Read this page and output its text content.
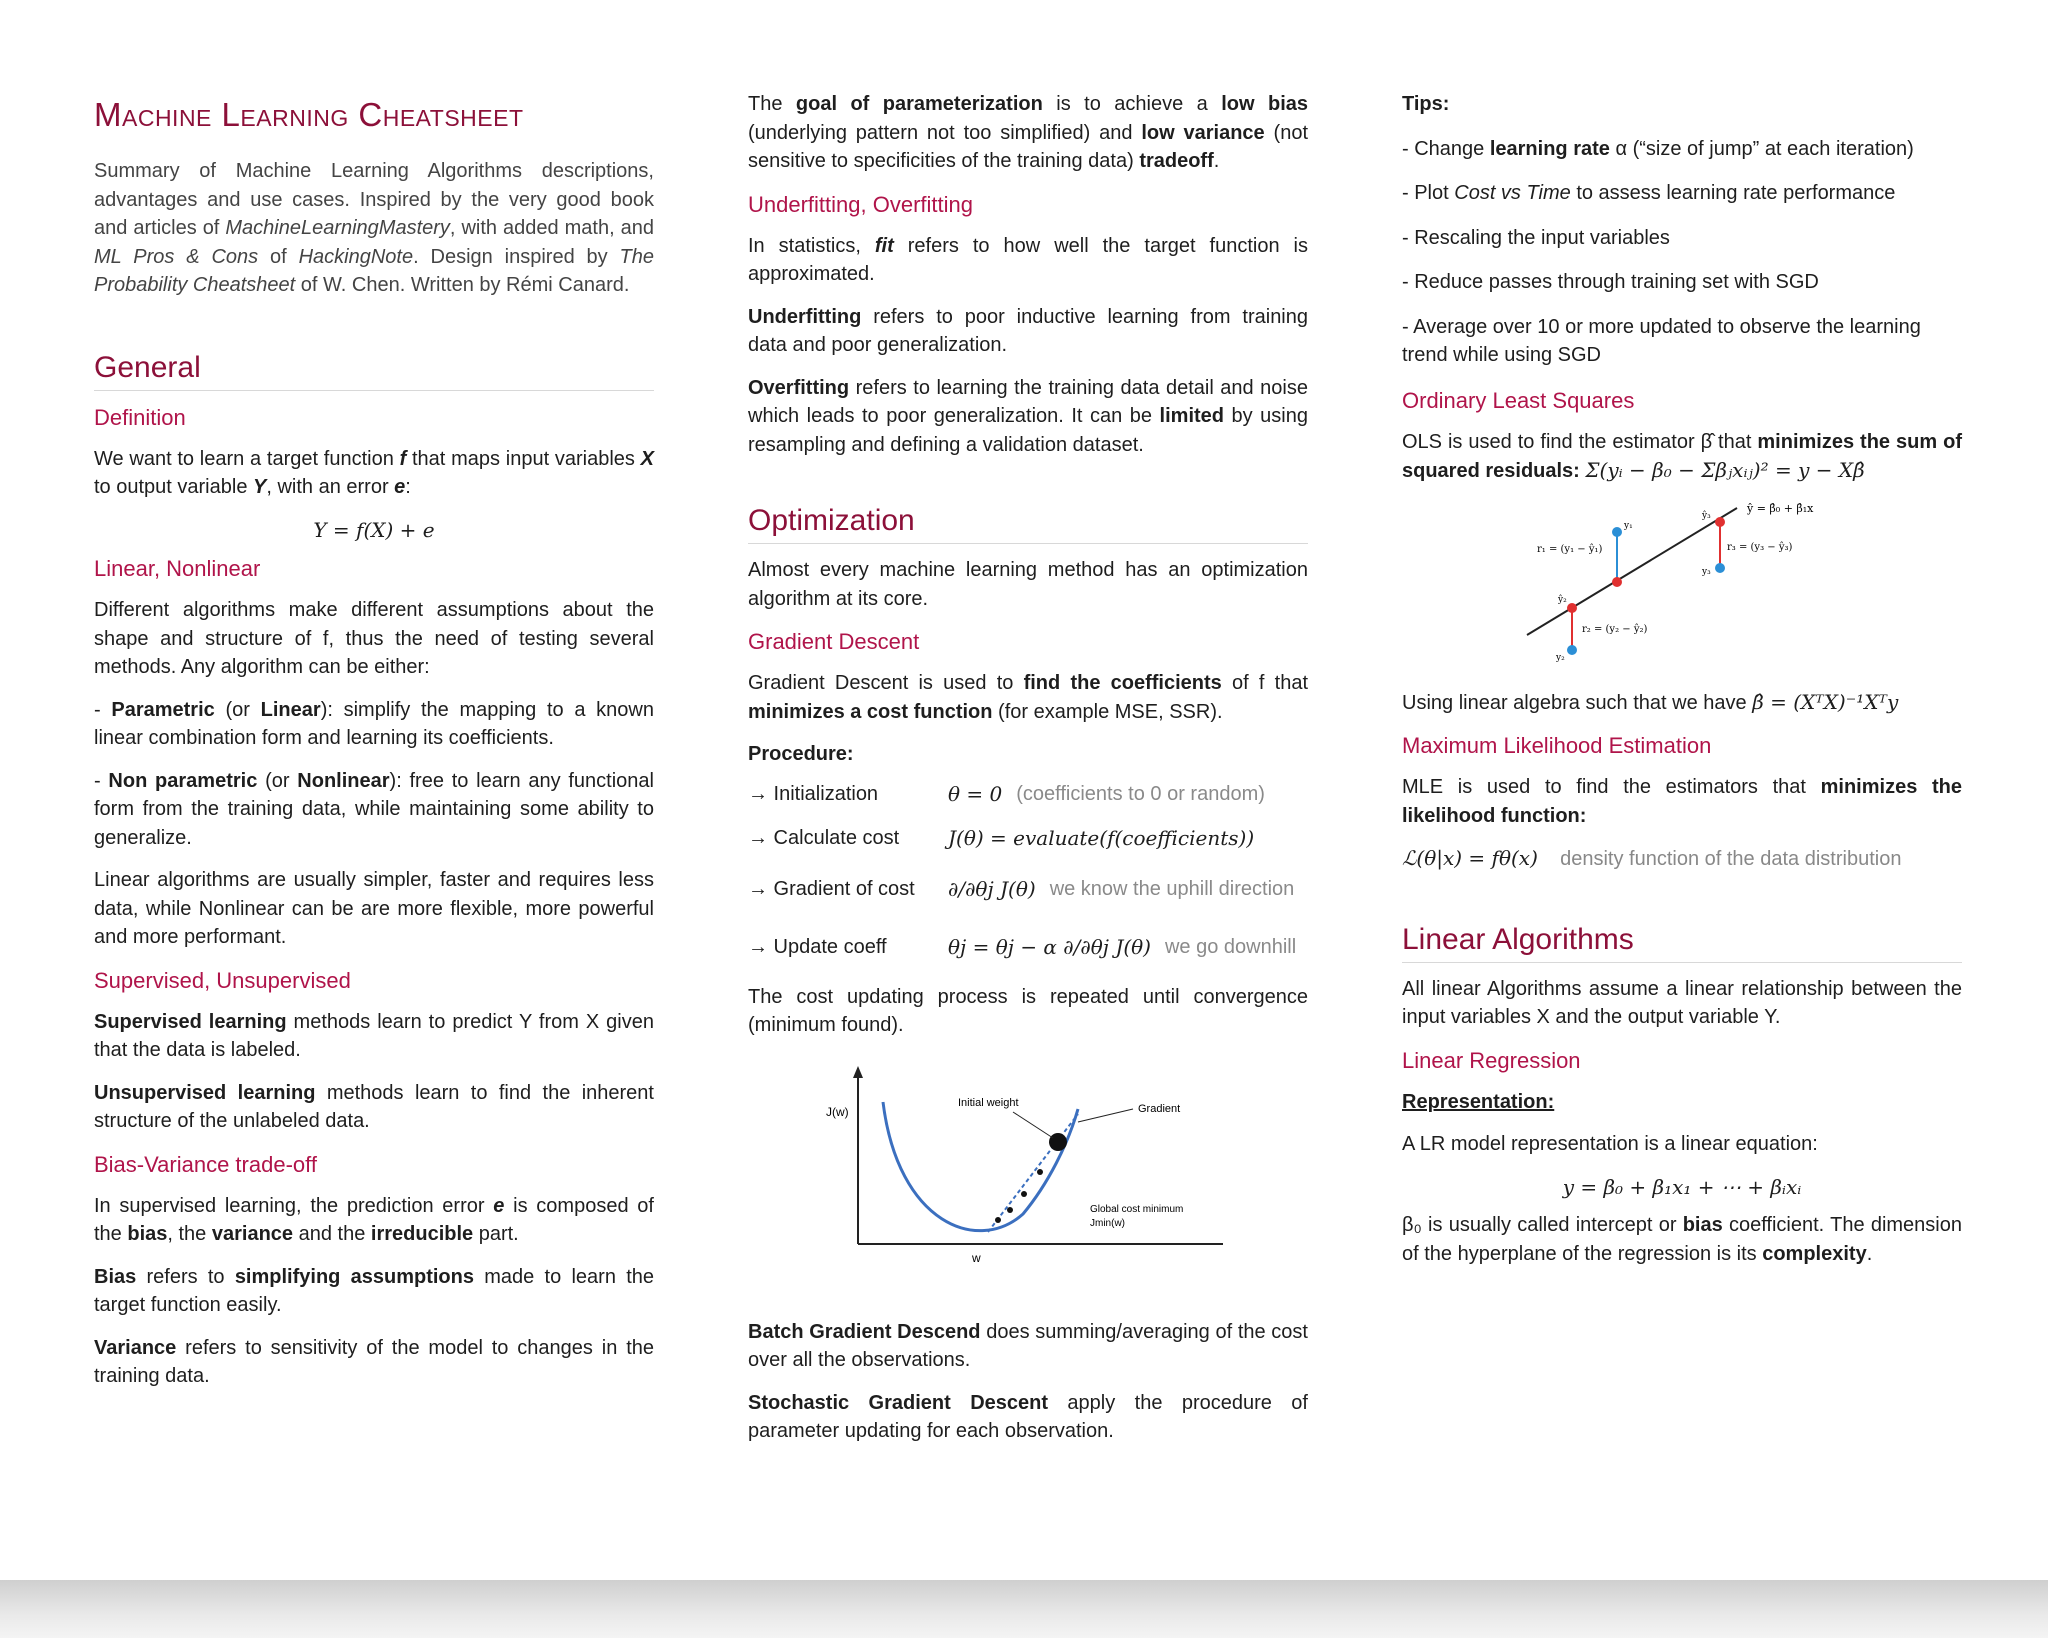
Machine Learning Cheatsheet

Summary of Machine Learning Algorithms descriptions, advantages and use cases. Inspired by the very good book and articles of MachineLearningMastery, with added math, and ML Pros & Cons of HackingNote. Design inspired by The Probability Cheatsheet of W. Chen. Written by Rémi Canard.

General
Definition

We want to learn a target function f that maps input variables X to output variable Y, with an error e:

Y = f(X) + e
Linear, Nonlinear

Different algorithms make different assumptions about the shape and structure of f, thus the need of testing several methods. Any algorithm can be either:

- Parametric (or Linear): simplify the mapping to a known linear combination form and learning its coefficients.

- Non parametric (or Nonlinear): free to learn any functional form from the training data, while maintaining some ability to generalize.

Linear algorithms are usually simpler, faster and requires less data, while Nonlinear can be are more flexible, more powerful and more performant.

Supervised, Unsupervised

Supervised learning methods learn to predict Y from X given that the data is labeled.

Unsupervised learning methods learn to find the inherent structure of the unlabeled data.

Bias-Variance trade-off

In supervised learning, the prediction error e is composed of the bias, the variance and the irreducible part.

Bias refers to simplifying assumptions made to learn the target function easily.

Variance refers to sensitivity of the model to changes in the training data.

The goal of parameterization is to achieve a low bias (underlying pattern not too simplified) and low variance (not sensitive to specificities of the training data) tradeoff.

Underfitting, Overfitting

In statistics, fit refers to how well the target function is approximated.

Underfitting refers to poor inductive learning from training data and poor generalization.

Overfitting refers to learning the training data detail and noise which leads to poor generalization. It can be limited by using resampling and defining a validation dataset.

Optimization

Almost every machine learning method has an optimization algorithm at its core.

Gradient Descent

Gradient Descent is used to find the coefficients of f that minimizes a cost function (for example MSE, SSR).

Procedure:
→ Initialization	θ = 0 (coefficients to 0 or random)
→ Calculate cost	J(θ) = evaluate(f(coefficients))
→ Gradient of cost	∂/∂θj J(θ) we know the uphill direction
→ Update coeff	θj = θj − α ∂/∂θj J(θ) we go downhill

The cost updating process is repeated until convergence (minimum found).

J(w)
w
Initial weight	Gradient
Global cost minimum
Jmin(w)

Batch Gradient Descend does summing/averaging of the cost over all the observations.

Stochastic Gradient Descent apply the procedure of parameter updating for each observation.

Tips:
- Change learning rate α (“size of jump” at each iteration)
- Plot Cost vs Time to assess learning rate performance
- Rescaling the input variables
- Reduce passes through training set with SGD
- Average over 10 or more updated to observe the learning trend while using SGD
Ordinary Least Squares

OLS is used to find the estimator β̂ that minimizes the sum of squared residuals: Σ(yᵢ − β₀ − Σβⱼxᵢⱼ)² = y − Xβ̂

ŷ = β̂₀ + β̂₁x
r₁ = (y₁ − ŷ₁)
y₁
r₂ = (y₂ − ŷ₂)
ŷ₂
y₂
r₃ = (y₃ − ŷ₃)
ŷ₃
y₃

Using linear algebra such that we have β̂ = (XᵀX)⁻¹Xᵀy

Maximum Likelihood Estimation

MLE is used to find the estimators that minimizes the likelihood function:

ℒ(θ|x) = fθ(x) density function of the data distribution

Linear Algorithms

All linear Algorithms assume a linear relationship between the input variables X and the output variable Y.

Linear Regression
Representation:

A LR model representation is a linear equation:

y = β₀ + β₁x₁ + ⋯ + βᵢxᵢ

β₀ is usually called intercept or bias coefficient. The dimension of the hyperplane of the regression is its complexity.
